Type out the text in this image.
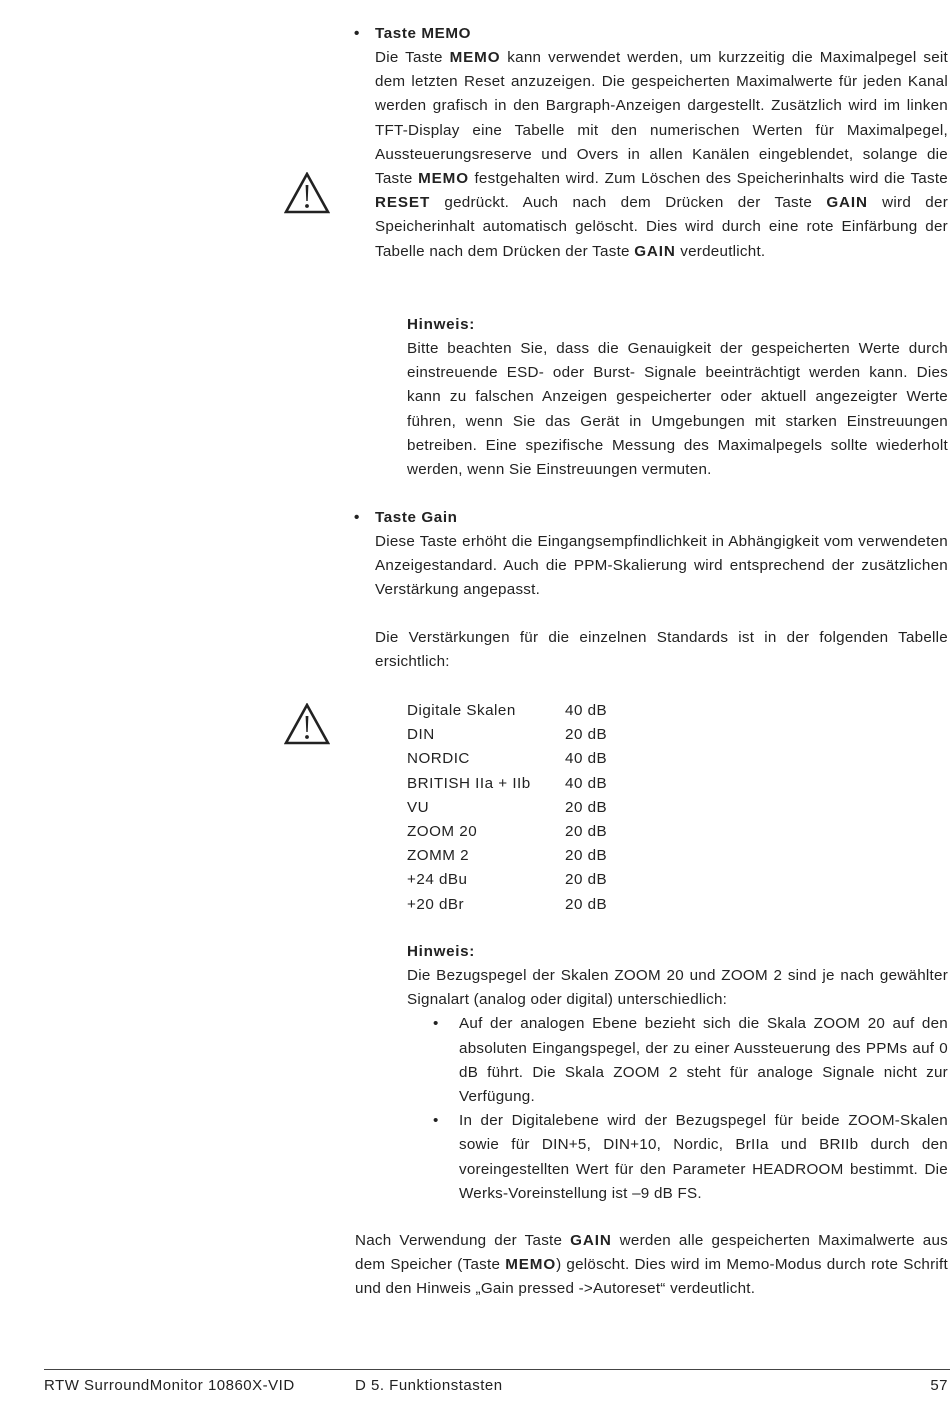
• Taste MEMO
Die Taste MEMO kann verwendet werden, um kurzzeitig die Maximalpegel seit dem letzten Reset anzuzeigen. Die gespeicherten Maximalwerte für jeden Kanal werden grafisch in den Bargraph-Anzeigen dargestellt. Zusätzlich wird im linken TFT-Display eine Tabelle mit den numerischen Werten für Maximalpegel, Aussteuerungsreserve und Overs in allen Kanälen eingeblendet, solange die Taste MEMO festgehalten wird. Zum Löschen des Speicherinhalts wird die Taste RESET gedrückt. Auch nach dem Drücken der Taste GAIN wird der Speicherinhalt automatisch gelöscht. Dies wird durch eine rote Einfärbung der Tabelle nach dem Drücken der Taste GAIN verdeutlicht.
Hinweis:
Bitte beachten Sie, dass die Genauigkeit der gespeicherten Werte durch einstreuende ESD- oder Burst- Signale beeinträchtigt werden kann. Dies kann zu falschen Anzeigen gespeicherter oder aktuell angezeigter Werte führen, wenn Sie das Gerät in Umgebungen mit starken Einstreuungen betreiben. Eine spezifische Messung des Maximalpegels sollte wiederholt werden, wenn Sie Einstreuungen vermuten.
• Taste Gain
Diese Taste erhöht die Eingangsempfindlichkeit in Abhängigkeit vom verwendeten Anzeigestandard. Auch die PPM-Skalierung wird entsprechend der zusätzlichen Verstärkung angepasst.
Die Verstärkungen für die einzelnen Standards ist in der folgenden Tabelle ersichtlich:
Digitale Skalen	40 dB
DIN	20 dB
NORDIC	40 dB
BRITISH IIa + IIb	40 dB
VU	20 dB
ZOOM 20	20 dB
ZOMM 2	20 dB
+24 dBu	20 dB
+20 dBr	20 dB
Hinweis:
Die Bezugspegel der Skalen ZOOM 20 und ZOOM 2 sind je nach gewählter Signalart (analog oder digital) unterschiedlich:
• Auf der analogen Ebene bezieht sich die Skala ZOOM 20 auf den absoluten Eingangspegel, der zu einer Aussteuerung des PPMs auf 0 dB führt. Die Skala ZOOM 2 steht für analoge Signale nicht zur Verfügung.
• In der Digitalebene wird der Bezugspegel für beide ZOOM-Skalen sowie für DIN+5, DIN+10, Nordic, BrIIa und BRIIb durch den voreingestellten Wert für den Parameter HEADROOM bestimmt. Die Werks-Voreinstellung ist –9 dB FS.
Nach Verwendung der Taste GAIN werden alle gespeicherten Maximalwerte aus dem Speicher (Taste MEMO) gelöscht. Dies wird im Memo-Modus durch rote Schrift und den Hinweis „Gain pressed ->Autoreset“ verdeutlicht.
RTW SurroundMonitor 10860X-VID	D 5. Funktionstasten	57
